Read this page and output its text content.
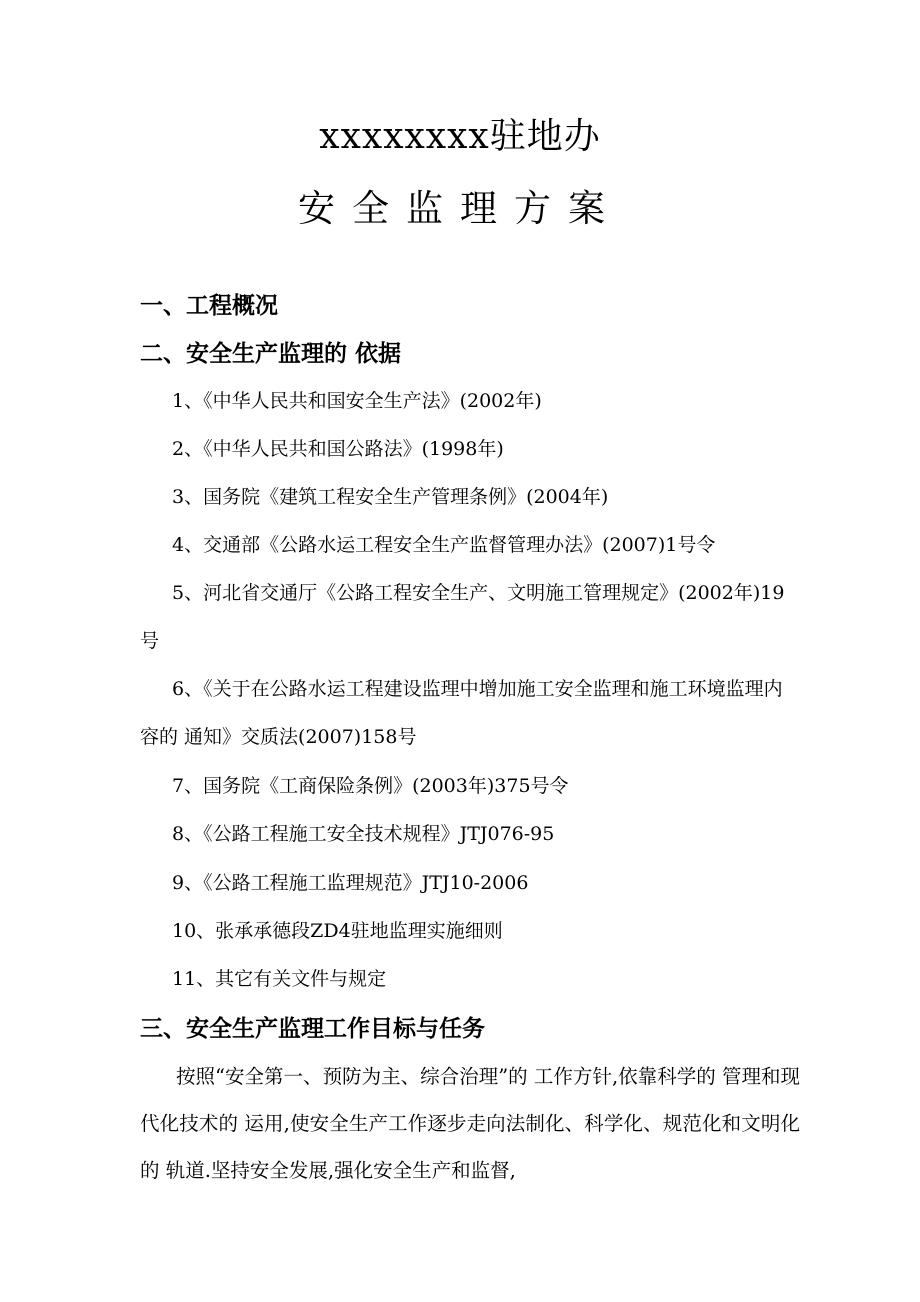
xxxxxxxx驻地办
安全监理方案
一、工程概况
二、安全生产监理的 依据
1、《中华人民共和国安全生产法》(2002年)
2、《中华人民共和国公路法》(1998年)
3、国务院《建筑工程安全生产管理条例》(2004年)
4、交通部《公路水运工程安全生产监督管理办法》(2007)1号令
5、河北省交通厅《公路工程安全生产、文明施工管理规定》(2002年)19号
6、《关于在公路水运工程建设监理中增加施工安全监理和施工环境监理内容的 通知》交质法(2007)158号
7、国务院《工商保险条例》(2003年)375号令
8、《公路工程施工安全技术规程》JTJ076-95
9、《公路工程施工监理规范》JTJ10-2006
10、张承承德段ZD4驻地监理实施细则
11、其它有关文件与规定
三、安全生产监理工作目标与任务
按照“安全第一、预防为主、综合治理”的 工作方针,依靠科学的 管理和现代化技术的 运用,使安全生产工作逐步走向法制化、科学化、规范化和文明化的 轨道.坚持安全发展,强化安全生产和监督,
